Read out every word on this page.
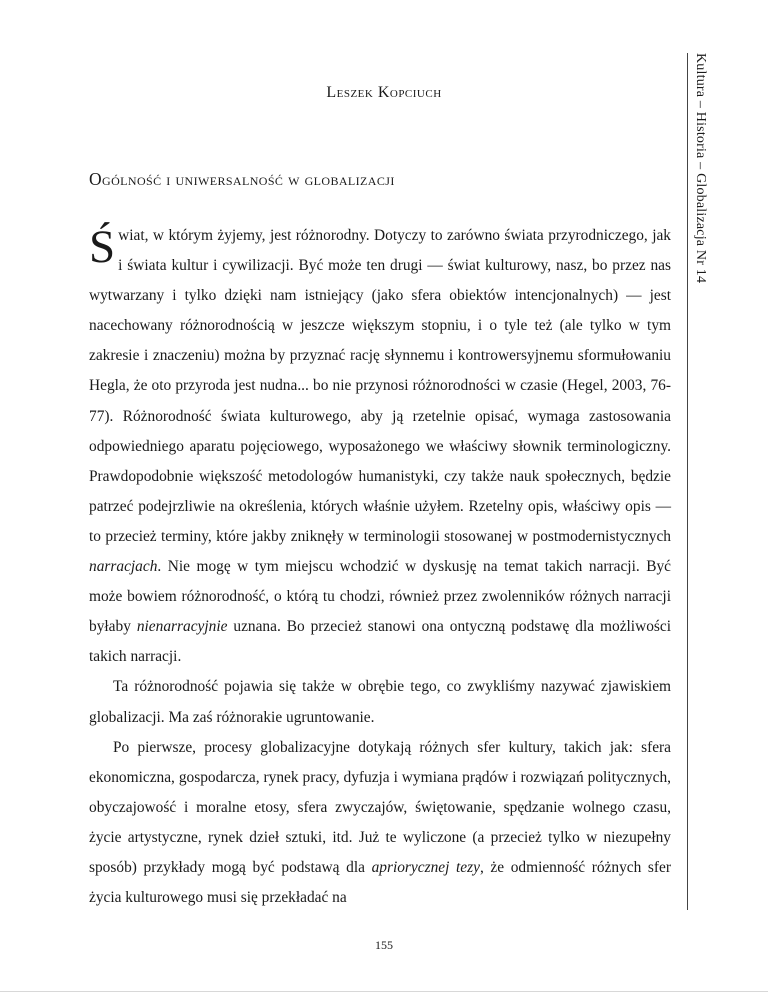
Leszek Kopciuch
Ogólność i uniwersalność w globalizacji

Świat, w którym żyjemy, jest różnorodny. Dotyczy to zarówno świata przyrodniczego, jak i świata kultur i cywilizacji. Być może ten drugi — świat kulturowy, nasz, bo przez nas wytwarzany i tylko dzięki nam istniejący (jako sfera obiektów intencjonalnych) — jest nacechowany różnorodnością w jeszcze większym stopniu, i o tyle też (ale tylko w tym zakresie i znaczeniu) można by przyznać rację słynnemu i kontrowersyjnemu sformułowaniu Hegla, że oto przyroda jest nudna... bo nie przynosi różnorodności w czasie (Hegel, 2003, 76-77). Różnorodność świata kulturowego, aby ją rzetelnie opisać, wymaga zastosowania odpowiedniego aparatu pojęciowego, wyposażonego we właściwy słownik terminologiczny. Prawdopodobnie większość metodologów humanistyki, czy także nauk społecznych, będzie patrzeć podejrzliwie na określenia, których właśnie użyłem. Rzetelny opis, właściwy opis — to przecież terminy, które jakby zniknęły w terminologii stosowanej w postmodernistycznych narracjach. Nie mogę w tym miejscu wchodzić w dyskusję na temat takich narracji. Być może bowiem różnorodność, o którą tu chodzi, również przez zwolenników różnych narracji byłaby nienarracyjnie uznana. Bo przecież stanowi ona ontyczną podstawę dla możliwości takich narracji.

Ta różnorodność pojawia się także w obrębie tego, co zwykliśmy nazywać zjawiskiem globalizacji. Ma zaś różnorakie ugruntowanie.

Po pierwsze, procesy globalizacyjne dotykają różnych sfer kultury, takich jak: sfera ekonomiczna, gospodarcza, rynek pracy, dyfuzja i wymiana prądów i rozwiązań politycznych, obyczajowość i moralne etosy, sfera zwyczajów, świętowanie, spędzanie wolnego czasu, życie artystyczne, rynek dzieł sztuki, itd. Już te wyliczone (a przecież tylko w niezupełny sposób) przykłady mogą być podstawą dla apriorycznej tezy, że odmienność różnych sfer życia kulturowego musi się przekładać na

Kultura – Historia – Globalizacja Nr 14
155
